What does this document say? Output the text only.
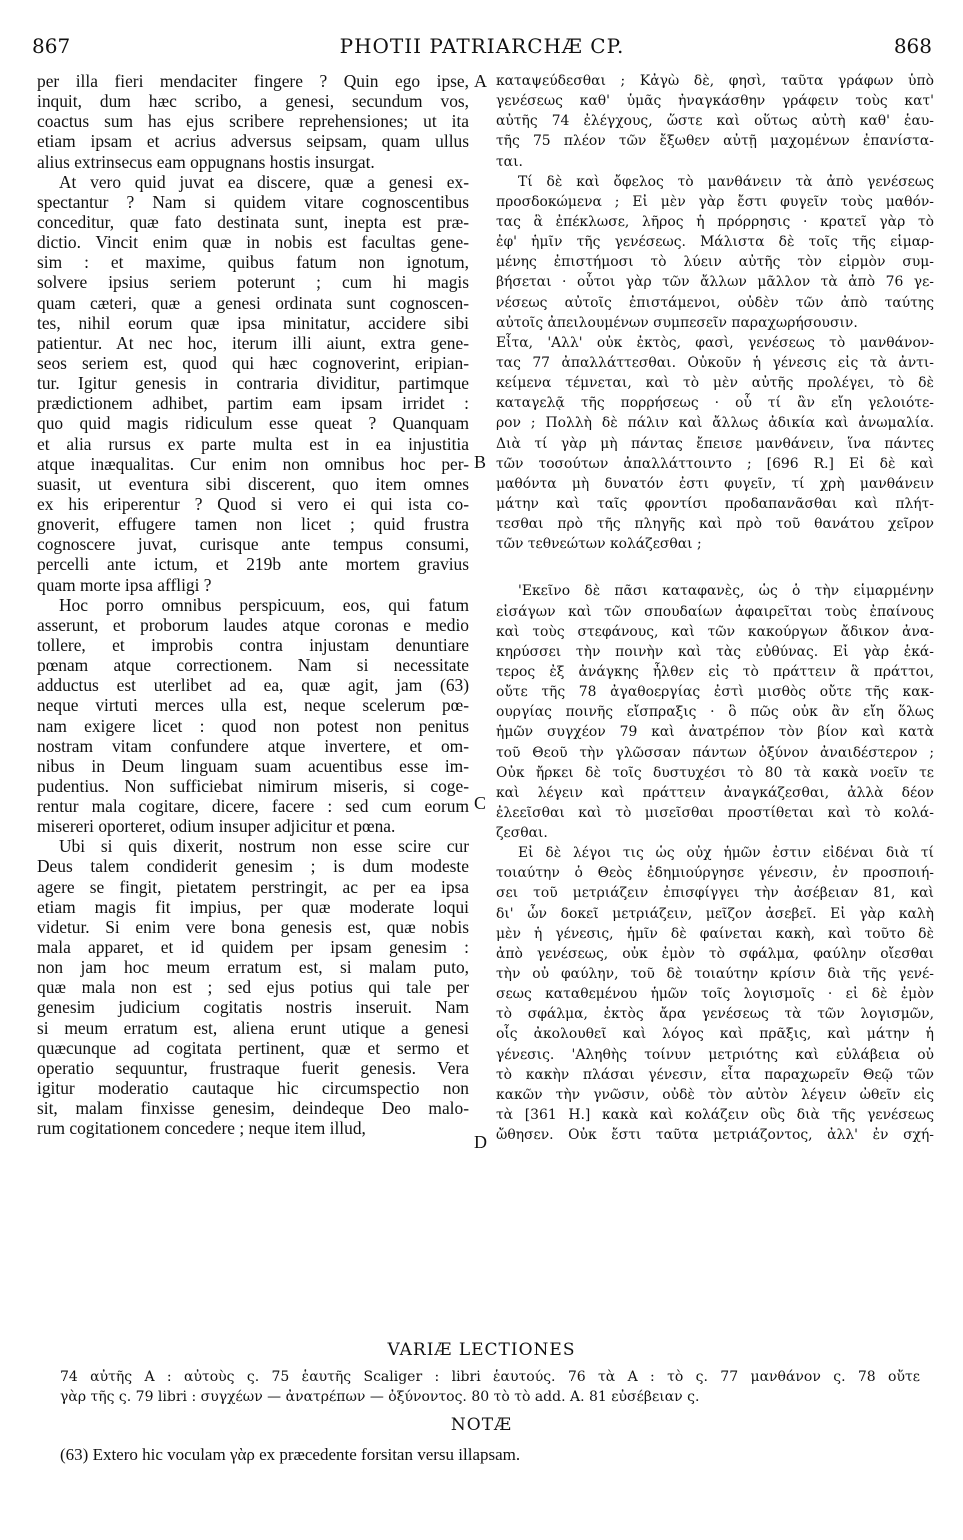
867	PHOTII PATRIARCHÆ CP.	868
per illa fieri mendaciter fingere ? Quin ego ipse,
inquit, dum hæc scribo, a genesi, secundum vos,
coactus sum has ejus scribere reprehensiones; ut ita
etiam ipsam et acrius adversus seipsam, quam ullus
alius extrinsecus eam oppugnans hostis insurgat.
At vero quid juvat ea discere, quæ a genesi ex-
spectantur ? Nam si quidem vitare cognoscentibus
conceditur, quæ fato destinata sunt, inepta est præ-
dictio. Vincit enim quæ in nobis est facultas gene-
sim : et maxime, quibus fatum non ignotum,
solvere ipsius seriem poterunt ; cum hi magis
quam cæteri, quæ a genesi ordinata sunt cognoscen-
tes, nihil eorum quæ ipsa minitatur, accidere sibi
patientur. At nec hoc, iterum illi aiunt, extra gene-
seos seriem est, quod qui hæc cognoverint, eripian-
tur. Igitur genesis in contraria dividitur, partimque
prædictionem adhibet, partim eam ipsam irridet :
quo quid magis ridiculum esse queat ? Quanquam
et alia rursus ex parte multa est in ea injustitia
atque inæqualitas. Cur enim non omnibus hoc per-
suasit, ut eventura sibi discerent, quo item omnes
ex his eriperentur ? Quod si vero ei qui ista co-
gnoverit, effugere tamen non licet ; quid frustra
cognoscere juvat, curisque ante tempus consumi,
percelli ante ictum, et 219b ante mortem gravius
quam morte ipsa affligi ?
Hoc porro omnibus perspicuum, eos, qui fatum
asserunt, et proborum laudes atque coronas e medio
tollere, et improbis contra injustam denuntiare
pœnam atque correctionem. Nam si necessitate
adductus est uterlibet ad ea, quæ agit, jam (63)
neque virtuti merces ulla est, neque scelerum pœ-
nam exigere licet : quod non potest non penitus
nostram vitam confundere atque invertere, et om-
nibus in Deum linguam suam acuentibus esse im-
pudentius. Non sufficiebat nimirum miseris, si coge-
rentur mala cogitare, dicere, facere : sed cum eorum
misereri oporteret, odium insuper adjicitur et pœna.
Ubi si quis dixerit, nostrum non esse scire cur
Deus talem condiderit genesim ; is dum modeste
agere se fingit, pietatem perstringit, ac per ea ipsa
etiam magis fit impius, per quæ moderate loqui
videtur. Si enim vere bona genesis est, quæ nobis
mala apparet, et id quidem per ipsam genesim :
non jam hoc meum erratum est, si malam puto,
quæ mala non est ; sed ejus potius qui tale per
genesim judicium cogitatis nostris inseruit. Nam
si meum erratum est, aliena erunt utique a genesi
quæcunque ad cogitata pertinent, quæ et sermo et
operatio sequuntur, frustraque fuerit genesis. Vera
igitur moderatio cautaque hic circumspectio non
sit, malam finxisse genesim, deindeque Deo malo-
rum cogitationem concedere ; neque item illud,
καταψεύδεσθαι ; Κἀγὼ δὲ, φησὶ, ταῦτα γράφων ὑπὸ
γενέσεως καθ' ὑμᾶς ἠναγκάσθην γράφειν τοὺς κατ'
αὐτῆς 74 ἐλέγχους, ὥστε καὶ οὕτως αὐτὴ καθ' ἑαυ-
τῆς 75 πλέον τῶν ἔξωθεν αὐτῇ μαχομένων ἐπανίστα-
ται.
Τί δὲ καὶ ὄφελος τὸ μανθάνειν τὰ ἀπὸ γενέσεως
προσδοκώμενα ; Εἰ μὲν γὰρ ἔστι φυγεῖν τοὺς μαθόν-
τας ἃ ἐπέκλωσε, λῆρος ἡ πρόρρησις · κρατεῖ γὰρ τὸ
ἐφ' ἡμῖν τῆς γενέσεως. Μάλιστα δὲ τοῖς τῆς εἱμαρ-
μένης ἐπιστήμοσι τὸ λύειν αὐτῆς τὸν εἱρμὸν συμ-
βήσεται · οὗτοι γὰρ τῶν ἄλλων μᾶλλον τὰ ἀπὸ 76 γε-
νέσεως αὐτοῖς ἐπιστάμενοι, οὐδὲν τῶν ἀπὸ ταύτης
αὐτοῖς ἀπειλουμένων συμπεσεῖν παραχωρήσουσιν.
Εἶτα, 'Αλλ' οὐκ ἐκτὸς, φασὶ, γενέσεως τὸ μανθάνον-
τας 77 ἀπαλλάττεσθαι. Οὐκοῦν ἡ γένεσις εἰς τὰ ἀντι-
κείμενα τέμνεται, καὶ τὸ μὲν αὐτῆς προλέγει, τὸ δὲ
καταγελᾷ τῆς πορρήσεως · οὗ τί ἂν εἴη γελοιότε-
ρον ; Πολλὴ δὲ πάλιν καὶ ἄλλως ἀδικία καὶ ἀνωμαλία.
Διὰ τί γὰρ μὴ πάντας ἔπεισε μανθάνειν, ἵνα πάντες
τῶν τοσούτων ἀπαλλάττοιντο ; [696 R.] Εἰ δὲ καὶ
μαθόντα μὴ δυνατόν ἐστι φυγεῖν, τί χρὴ μανθάνειν
μάτην καὶ ταῖς φροντίσι προδαπανᾶσθαι καὶ πλήτ-
τεσθαι πρὸ τῆς πληγῆς καὶ πρὸ τοῦ θανάτου χεῖρον
τῶν τεθνεώτων κολάζεσθαι ;
'Εκεῖνο δὲ πᾶσι καταφανὲς, ὡς ὁ τὴν εἱμαρμένην
εἰσάγων καὶ τῶν σπουδαίων ἀφαιρεῖται τοὺς ἐπαίνους
καὶ τοὺς στεφάνους, καὶ τῶν κακούργων ἄδικον ἀνα-
κηρύσσει τὴν ποινὴν καὶ τὰς εὐθύνας. Εἰ γὰρ ἑκά-
τερος ἐξ ἀνάγκης ἦλθεν εἰς τὸ πράττειν ἃ πράττοι,
οὔτε τῆς 78 ἀγαθοεργίας ἐστὶ μισθὸς οὔτε τῆς κακ-
ουργίας ποινῆς εἴσπραξις · ὃ πῶς οὐκ ἂν εἴη ὅλως
ἡμῶν συγχέον 79 καὶ ἀνατρέπον τὸν βίον καὶ κατὰ
τοῦ Θεοῦ τὴν γλῶσσαν πάντων ὀξύνον ἀναιδέστερον ;
Οὐκ ἤρκει δὲ τοῖς δυστυχέσι τὸ 80 τὰ κακὰ νοεῖν τε
καὶ λέγειν καὶ πράττειν ἀναγκάζεσθαι, ἀλλὰ δέον
ἐλεεῖσθαι καὶ τὸ μισεῖσθαι προστίθεται καὶ τὸ κολά-
ζεσθαι.
Εἰ δὲ λέγοι τις ὡς οὐχ ἡμῶν ἐστιν εἰδέναι διὰ τί
τοιαύτην ὁ Θεὸς ἐδημιούργησε γένεσιν, ἐν προσποιή-
σει τοῦ μετριάζειν ἐπισφίγγει τὴν ἀσέβειαν 81, καὶ
δι' ὧν δοκεῖ μετριάζειν, μεῖζον ἀσεβεῖ. Εἰ γὰρ καλὴ
μὲν ἡ γένεσις, ἡμῖν δὲ φαίνεται κακὴ, καὶ τοῦτο δὲ
ἀπὸ γενέσεως, οὐκ ἐμὸν τὸ σφάλμα, φαύλην οἴεσθαι
τὴν οὐ φαύλην, τοῦ δὲ τοιαύτην κρίσιν διὰ τῆς γενέ-
σεως καταθεμένου ἡμῶν τοῖς λογισμοῖς · εἰ δὲ ἐμὸν
τὸ σφάλμα, ἐκτὸς ἄρα γενέσεως τὰ τῶν λογισμῶν,
οἷς ἀκολουθεῖ καὶ λόγος καὶ πρᾶξις, καὶ μάτην ἡ
γένεσις. 'Αληθὴς τοίνυν μετριότης καὶ εὐλάβεια οὐ
τὸ κακὴν πλάσαι γένεσιν, εἶτα παραχωρεῖν Θεῷ τῶν
κακῶν τὴν γνῶσιν, οὐδὲ τὸν αὐτὸν λέγειν ὠθεῖν εἰς
τὰ [361 H.] κακὰ καὶ κολάζειν οὓς διὰ τῆς γενέσεως
ὤθησεν. Οὐκ ἔστι ταῦτα μετριάζοντος, ἀλλ' ἐν σχή-
A
B
C
D
VARIÆ LECTIONES
74 αὐτῆς A : αὐτοὺς ς. 75 ἑαυτῆς Scaliger : libri ἑαυτούς. 76 τὰ A : τὸ ς. 77 μανθάνον ς. 78 οὔτε
γὰρ τῆς ς. 79 libri : συγχέων — ἀνατρέπων — ὀξύνοντος. 80 τὸ τὸ add. A. 81 εὐσέβειαν ς.
NOTÆ
(63) Extero hic voculam γὰρ ex præcedente forsitan versu illapsam.
